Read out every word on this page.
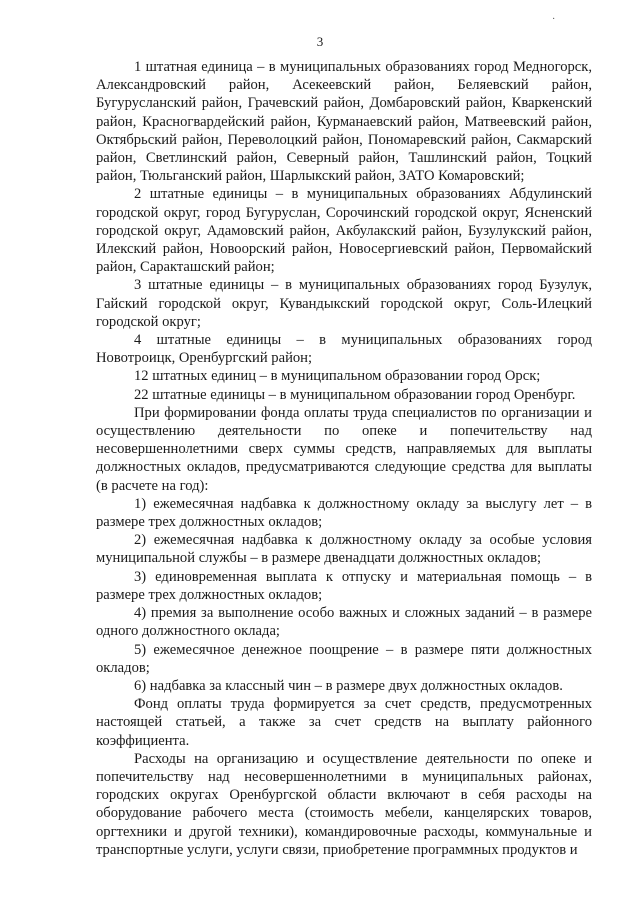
·
3

1 штатная единица – в муниципальных образованиях город Медногорск, Александровский район, Асекеевский район, Беляевский район, Бугурусланский район, Грачевский район, Домбаровский район, Кваркенский район, Красногвардейский район, Курманаевский район, Матвеевский район, Октябрьский район, Переволоцкий район, Пономаревский район, Сакмарский район, Светлинский район, Северный район, Ташлинский район, Тоцкий район, Тюльганский район, Шарлыкский район, ЗАТО Комаровский;

2 штатные единицы – в муниципальных образованиях Абдулинский городской округ, город Бугуруслан, Сорочинский городской округ, Ясненский городской округ, Адамовский район, Акбулакский район, Бузулукский район, Илекский район, Новоорский район, Новосергиевский район, Первомайский район, Саракташский район;

3 штатные единицы – в муниципальных образованиях город Бузулук, Гайский городской округ, Кувандыкский городской округ, Соль-Илецкий городской округ;

4 штатные единицы – в муниципальных образованиях город Новотроицк, Оренбургский район;

12 штатных единиц – в муниципальном образовании город Орск;

22 штатные единицы – в муниципальном образовании город Оренбург.

При формировании фонда оплаты труда специалистов по организации и осуществлению деятельности по опеке и попечительству над несовершеннолетними сверх суммы средств, направляемых для выплаты должностных окладов, предусматриваются следующие средства для выплаты (в расчете на год):

1) ежемесячная надбавка к должностному окладу за выслугу лет – в размере трех должностных окладов;

2) ежемесячная надбавка к должностному окладу за особые условия муниципальной службы – в размере двенадцати должностных окладов;

3) единовременная выплата к отпуску и материальная помощь – в размере трех должностных окладов;

4) премия за выполнение особо важных и сложных заданий – в размере одного должностного оклада;

5) ежемесячное денежное поощрение – в размере пяти должностных окладов;

6) надбавка за классный чин – в размере двух должностных окладов.

Фонд оплаты труда формируется за счет средств, предусмотренных настоящей статьей, а также за счет средств на выплату районного коэффициента.

Расходы на организацию и осуществление деятельности по опеке и попечительству над несовершеннолетними в муниципальных районах, городских округах Оренбургской области включают в себя расходы на оборудование рабочего места (стоимость мебели, канцелярских товаров, оргтехники и другой техники), командировочные расходы, коммунальные и транспортные услуги, услуги связи, приобретение программных продуктов и
